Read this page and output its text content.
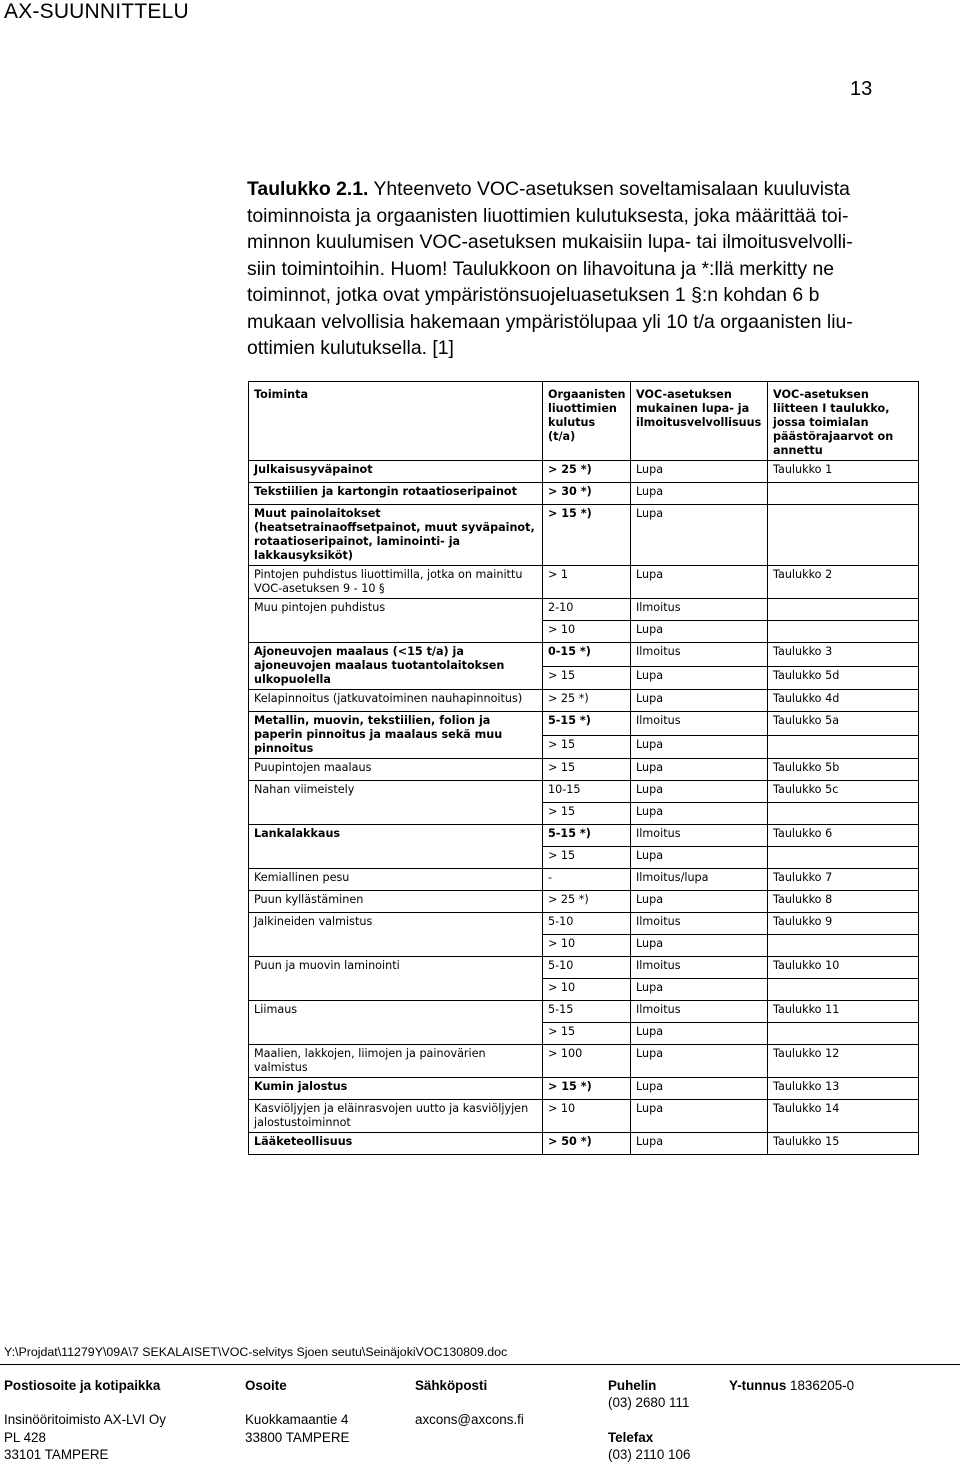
AX-SUUNNITTELU
13
Taulukko 2.1. Yhteenveto VOC-asetuksen soveltamisalaan kuuluvista
toiminnoista ja orgaanisten liuottimien kulutuksesta, joka määrittää toi-
minnon kuulumisen VOC-asetuksen mukaisiin lupa- tai ilmoitusvelvolli-
siin toimintoihin. Huom! Taulukkoon on lihavoituna ja *:llä merkitty ne
toiminnot, jotka ovat ympäristönsuojeluasetuksen 1 §:n kohdan 6 b
mukaan velvollisia hakemaan ympäristölupaa yli 10 t/a orgaanisten liu-
ottimien kulutuksella. [1]
Toiminta	Orgaanisten liuottimien kulutus (t/a)	VOC-asetuksen mukainen lupa- ja ilmoitusvelvollisuus	VOC-asetuksen liitteen I taulukko, jossa toimialan päästörajaarvot on annettu
Julkaisusyväpainot	> 25 *)	Lupa	Taulukko 1
Tekstiilien ja kartongin rotaatioseripainot	> 30 *)	Lupa	
Muut painolaitokset (heatsetrainaoffsetpainot, muut syväpainot, rotaatioseripainot, laminointi- ja lakkausyksiköt)	> 15 *)	Lupa	
Pintojen puhdistus liuottimilla, jotka on mainittu VOC-asetuksen 9 - 10 §	> 1	Lupa	Taulukko 2
Muu pintojen puhdistus	2-10	Ilmoitus	
	> 10	Lupa	
Ajoneuvojen maalaus (<15 t/a) ja ajoneuvojen maalaus tuotantolaitoksen ulkopuolella	0-15 *)	Ilmoitus	Taulukko 3
	> 15	Lupa	Taulukko 5d
Kelapinnoitus (jatkuvatoiminen nauhapinnoitus)	> 25 *)	Lupa	Taulukko 4d
Metallin, muovin, tekstiilien, folion ja paperin pinnoitus ja maalaus sekä muu pinnoitus	5-15 *)	Ilmoitus	Taulukko 5a
	> 15	Lupa	
Puupintojen maalaus	> 15	Lupa	Taulukko 5b
Nahan viimeistely	10-15	Lupa	Taulukko 5c
	> 15	Lupa	
Lankalakkaus	5-15 *)	Ilmoitus	Taulukko 6
	> 15	Lupa	
Kemiallinen pesu	-	Ilmoitus/lupa	Taulukko 7
Puun kyllästäminen	> 25 *)	Lupa	Taulukko 8
Jalkineiden valmistus	5-10	Ilmoitus	Taulukko 9
	> 10	Lupa	
Puun ja muovin laminointi	5-10	Ilmoitus	Taulukko 10
	> 10	Lupa	
Liimaus	5-15	Ilmoitus	Taulukko 11
	> 15	Lupa	
Maalien, lakkojen, liimojen ja painovärien valmistus	> 100	Lupa	Taulukko 12
Kumin jalostus	> 15 *)	Lupa	Taulukko 13
Kasviöljyjen ja eläinrasvojen uutto ja kasviöljyjen jalostustoiminnot	> 10	Lupa	Taulukko 14
Lääketeollisuus	> 50 *)	Lupa	Taulukko 15
Y:\Projdat\11279Y\09A\7 SEKALAISET\VOC-selvitys Sjoen seutu\SeinäjokiVOC130809.doc
Postiosoite ja kotipaikka	Osoite	Sähköposti	Puhelin	Y-tunnus 1836205-0
(03) 2680 111
Insinööritoimisto AX-LVI Oy	Kuokkamaantie 4	axcons@axcons.fi
PL 428	33800 TAMPERE	Telefax
33101 TAMPERE	(03) 2110 106
